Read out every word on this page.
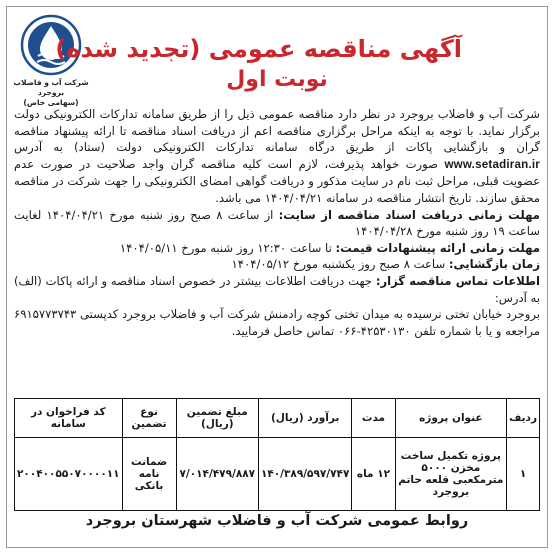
شرکت آب و فاضلاب بروجرد
(سهامی خاص)
آگهی مناقصه عمومی (تجدید شده)
نوبت اول

شرکت آب و فاضلاب بروجرد در نظر دارد مناقصه عمومی ذیل را از طریق سامانه تدارکات الکترونیکی دولت برگزار نماید. با توجه به اینکه مراحل برگزاری مناقصه اعم از دریافت اسناد مناقصه تا ارائه پیشنهاد مناقصه گران و بازگشایی پاکات از طریق درگاه سامانه تدارکات الکترونیکی دولت (ستاد) به آدرس www.setadiran.ir صورت خواهد پذیرفت، لازم است کلیه مناقصه گران واجد صلاحیت در صورت عدم عضویت قبلی، مراحل ثبت نام در سایت مذکور و دریافت گواهی امضای الکترونیکی را جهت شرکت در مناقصه محقق سازند. تاریخ انتشار مناقصه در سامانه ۱۴۰۴/۰۴/۲۱ می باشد.

مهلت زمانی دریافت اسناد مناقصه از سایت: از ساعت ۸ صبح روز شنبه مورخ ۱۴۰۴/۰۴/۲۱ لغایت ساعت ۱۹ روز شنبه مورخ ۱۴۰۴/۰۴/۲۸

مهلت زمانی ارائه پیشنهادات قیمت: تا ساعت ۱۲:۳۰ روز شنبه مورخ ۱۴۰۴/۰۵/۱۱

زمان بازگشایی: ساعت ۸ صبح روز یکشنبه مورخ ۱۴۰۴/۰۵/۱۲

اطلاعات تماس مناقصه گزار: جهت دریافت اطلاعات بیشتر در خصوص اسناد مناقصه و ارائه پاکات (الف) به آدرس:

بروجرد خیابان تختی نرسیده به میدان تختی کوچه رادمنش شرکت آب و فاضلاب بروجرد کدپستی ۶۹۱۵۷۷۳۷۴۳ مراجعه و یا با شماره تلفن ۴۲۵۳۰۱۳۰-۰۶۶ تماس حاصل فرمایید.

ردیف	عنوان پروژه	مدت	برآورد (ریال)	مبلغ تضمین (ریال)	نوع تضمین	کد فراخوان در سامانه
۱	پروژه تکمیل ساخت مخزن ۵۰۰۰ مترمکعبی قلعه حاتم بروجرد	۱۲ ماه	۱۴۰/۳۸۹/۵۹۷/۷۴۷	۷/۰۱۴/۴۷۹/۸۸۷	ضمانت نامه بانکی	۲۰۰۴۰۰۵۵۰۷۰۰۰۰۱۱
روابط عمومی شرکت آب و فاضلاب شهرستان بروجرد
